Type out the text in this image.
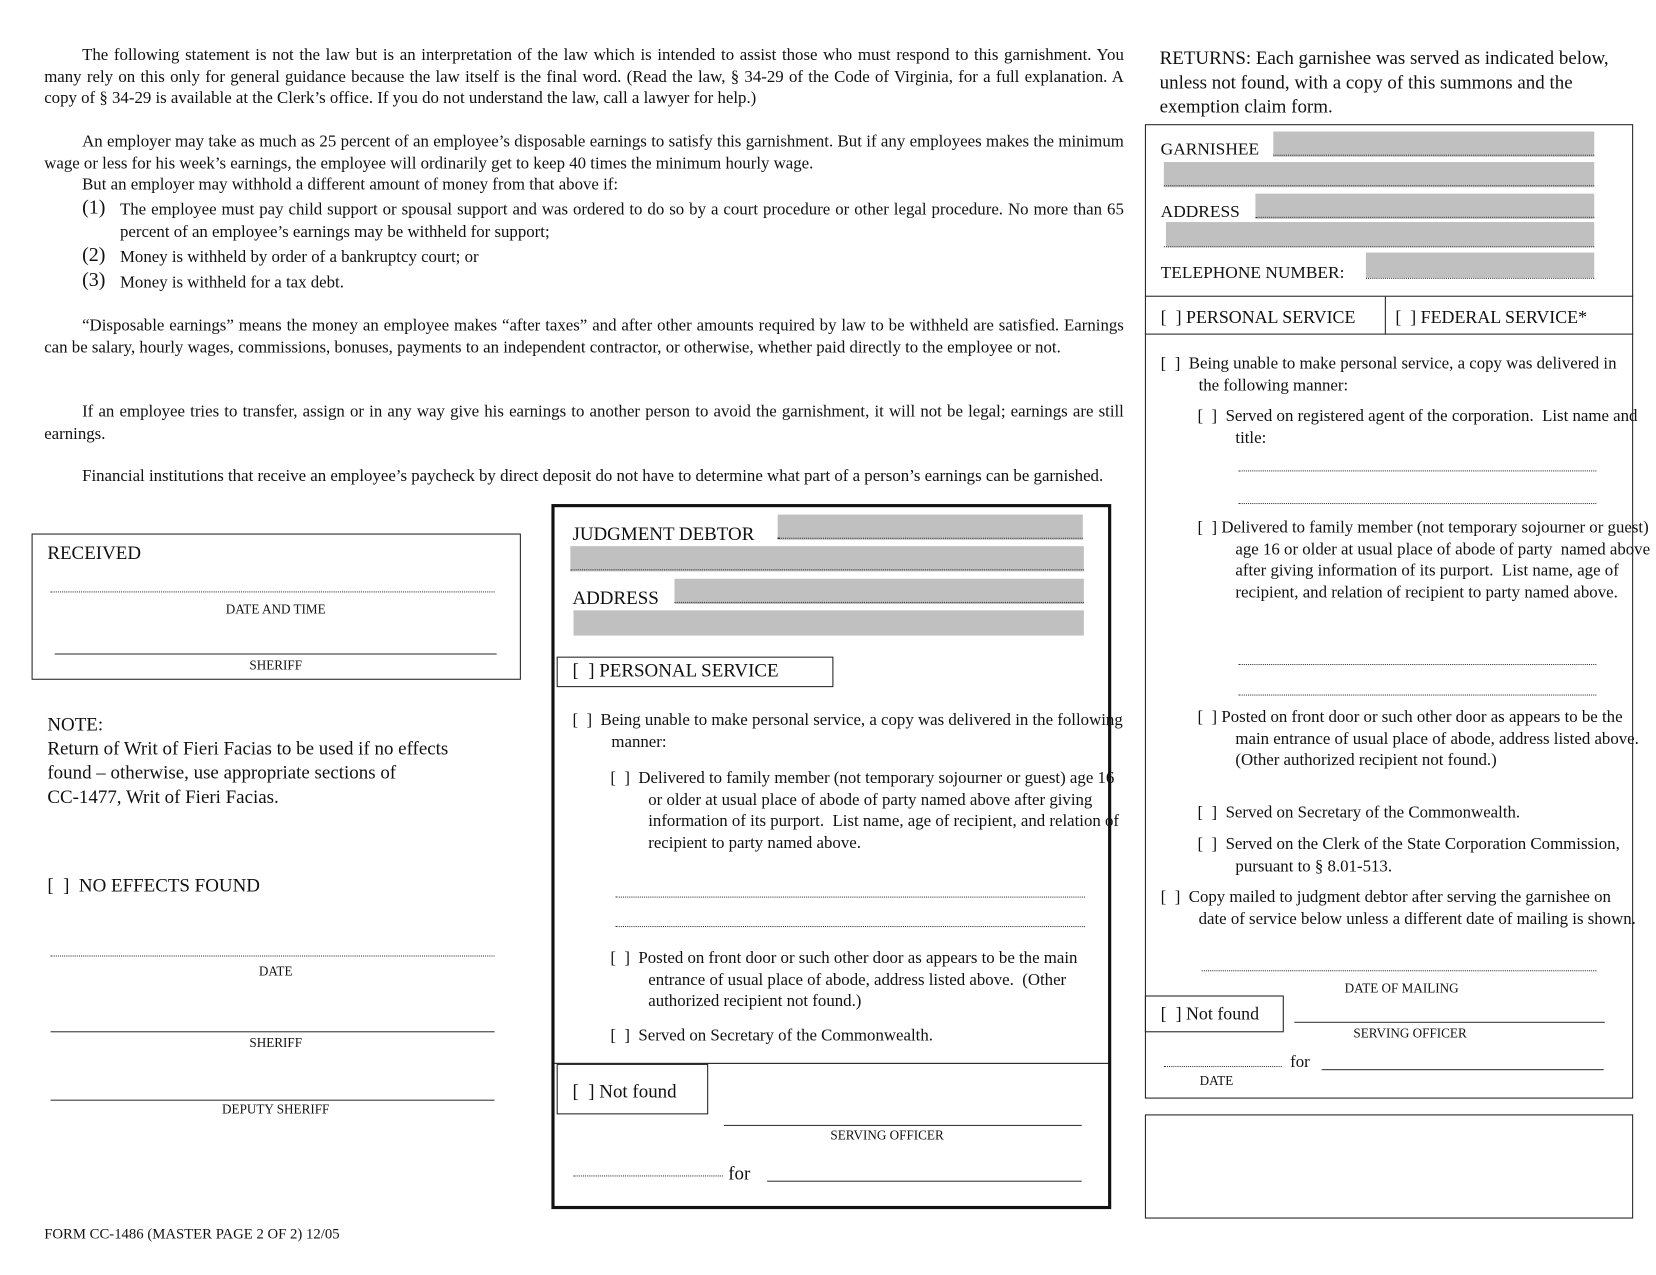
The following statement is not the law but is an interpretation of the law which is intended to assist those who must respond to this garnishment. You many rely on this only for general guidance because the law itself is the final word. (Read the law, § 34-29 of the Code of Virginia, for a full explanation. A copy of § 34-29 is available at the Clerk’s office. If you do not understand the law, call a lawyer for help.)
An employer may take as much as 25 percent of an employee’s disposable earnings to satisfy this garnishment. But if any employees makes the minimum wage or less for his week’s earnings, the employee will ordinarily get to keep 40 times the minimum hourly wage.
But an employer may withhold a different amount of money from that above if:
(1) The employee must pay child support or spousal support and was ordered to do so by a court procedure or other legal procedure. No more than 65 percent of an employee’s earnings may be withheld for support;
(2) Money is withheld by order of a bankruptcy court; or
(3) Money is withheld for a tax debt.
“Disposable earnings” means the money an employee makes “after taxes” and after other amounts required by law to be withheld are satisfied. Earnings can be salary, hourly wages, commissions, bonuses, payments to an independent contractor, or otherwise, whether paid directly to the employee or not.
If an employee tries to transfer, assign or in any way give his earnings to another person to avoid the garnishment, it will not be legal; earnings are still earnings.
Financial institutions that receive an employee’s paycheck by direct deposit do not have to determine what part of a person’s earnings can be garnished.
RECEIVED
DATE AND TIME
SHERIFF
NOTE:
Return of Writ of Fieri Facias to be used if no effects
found – otherwise, use appropriate sections of
CC-1477, Writ of Fieri Facias.
[  ]  NO EFFECTS FOUND
DATE
SHERIFF
DEPUTY SHERIFF
FORM CC-1486 (MASTER PAGE 2 OF 2) 12/05
JUDGMENT DEBTOR
ADDRESS
[  ] PERSONAL SERVICE
[  ]  Being unable to make personal service, a copy was delivered in the following manner:
[  ]  Delivered to family member (not temporary sojourner or guest) age 16 or older at usual place of abode of party named above after giving information of its purport.  List name, age of recipient, and relation of recipient to party named above.
[  ]  Posted on front door or such other door as appears to be the main entrance of usual place of abode, address listed above.  (Other authorized recipient not found.)
[  ]  Served on Secretary of the Commonwealth.
[  ] Not found
SERVING OFFICER
for
RETURNS: Each garnishee was served as indicated below, unless not found, with a copy of this summons and the exemption claim form.
GARNISHEE
ADDRESS
TELEPHONE NUMBER:
[  ] PERSONAL SERVICE [  ] FEDERAL SERVICE*
[  ]  Being unable to make personal service, a copy was delivered in the following manner:
[  ]  Served on registered agent of the corporation.  List name and title:
[  ] Delivered to family member (not temporary sojourner or guest) age 16 or older at usual place of abode of party  named above after giving information of its purport.  List name, age of recipient, and relation of recipient to party named above.
[  ] Posted on front door or such other door as appears to be the main entrance of usual place of abode, address listed above.  (Other authorized recipient not found.)
[  ]  Served on Secretary of the Commonwealth.
[  ]  Served on the Clerk of the State Corporation Commission, pursuant to § 8.01-513.
[  ]  Copy mailed to judgment debtor after serving the garnishee on date of service below unless a different date of mailing is shown.
DATE OF MAILING
[  ] Not found
SERVING OFFICER
DATE
for
